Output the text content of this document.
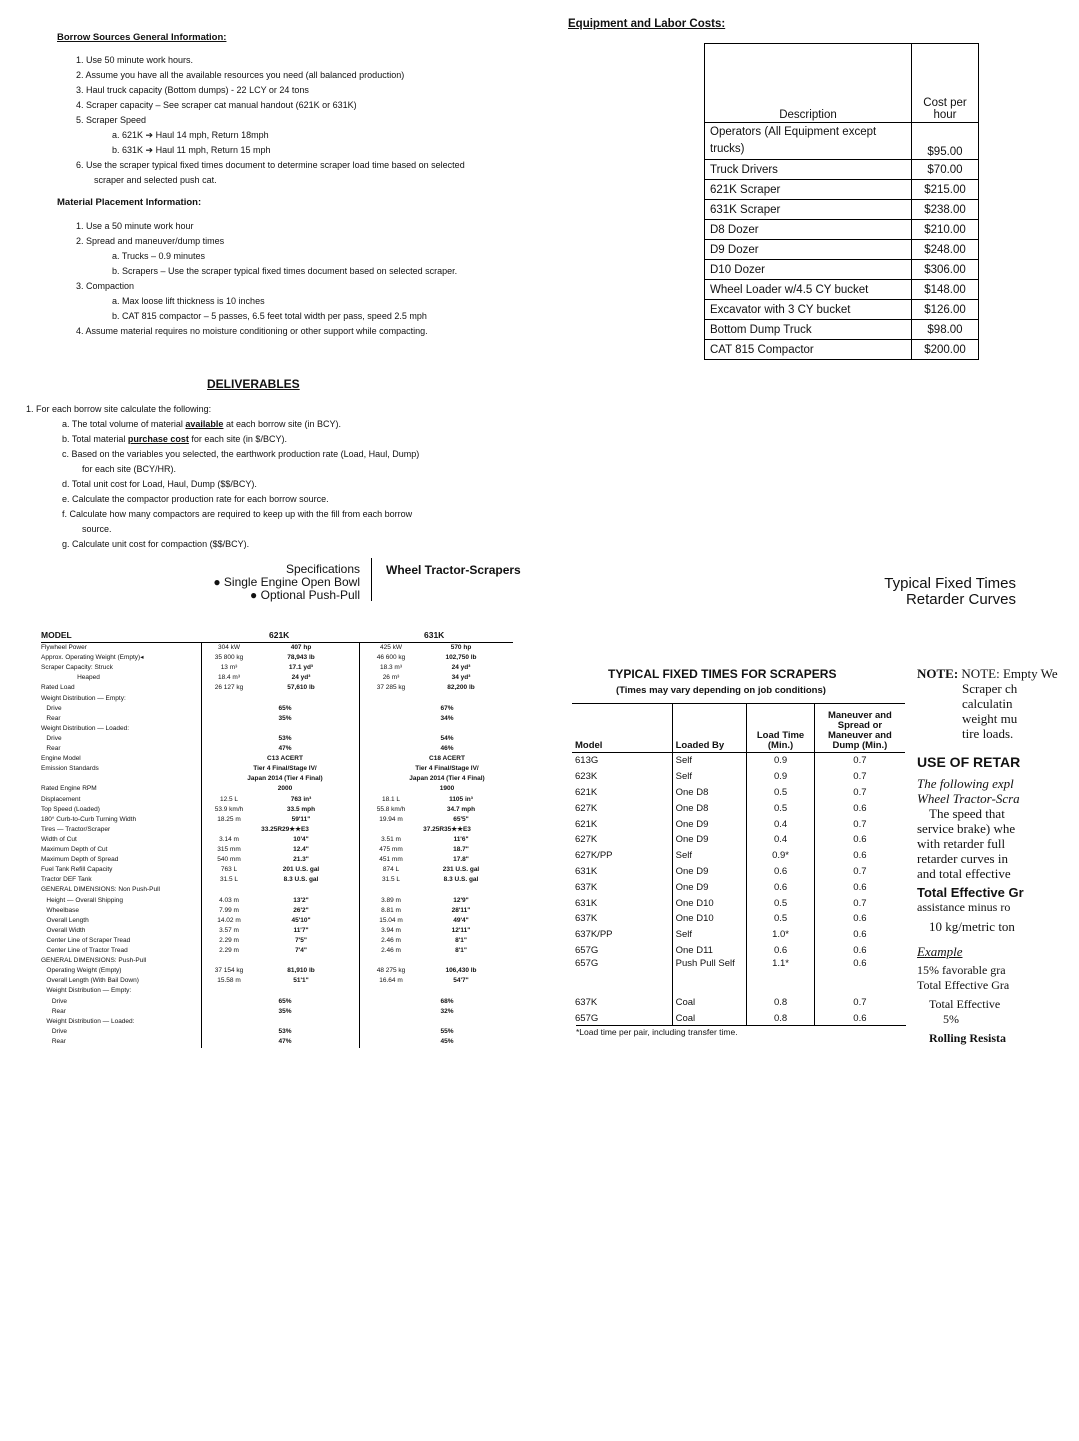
Borrow Sources General Information:
1. Use 50 minute work hours.
2. Assume you have all the available resources you need (all balanced production)
3. Haul truck capacity (Bottom dumps) - 22 LCY or 24 tons
4. Scraper capacity – See scraper cat manual handout (621K or 631K)
5. Scraper Speed
a. 621K ➔ Haul 14 mph, Return 18mph
b. 631K ➔ Haul 11 mph, Return 15 mph
6. Use the scraper typical fixed times document to determine scraper load time based on selected
scraper and selected push cat.
Material Placement Information:
1. Use a 50 minute work hour
2. Spread and maneuver/dump times
a. Trucks – 0.9 minutes
b. Scrapers – Use the scraper typical fixed times document based on selected scraper.
3. Compaction
a. Max loose lift thickness is 10 inches
b. CAT 815 compactor – 5 passes, 6.5 feet total width per pass, speed 2.5 mph
4. Assume material requires no moisture conditioning or other support while compacting.
Equipment and Labor Costs:
Description	Cost per hour
Operators (All Equipment except trucks)	$95.00
Truck Drivers	$70.00
621K Scraper	$215.00
631K Scraper	$238.00
D8 Dozer	$210.00
D9 Dozer	$248.00
D10 Dozer	$306.00
Wheel Loader w/4.5 CY bucket	$148.00
Excavator with 3 CY bucket	$126.00
Bottom Dump Truck	$98.00
CAT 815 Compactor	$200.00
DELIVERABLES
1. For each borrow site calculate the following:
a. The total volume of material available at each borrow site (in BCY).
b. Total material purchase cost for each site (in $/BCY).
c. Based on the variables you selected, the earthwork production rate (Load, Haul, Dump)
for each site (BCY/HR).
d. Total unit cost for Load, Haul, Dump ($$/BCY).
e. Calculate the compactor production rate for each borrow source.
f. Calculate how many compactors are required to keep up with the fill from each borrow
source.
g. Calculate unit cost for compaction ($$/BCY).
Specifications
● Single Engine Open Bowl
● Optional Push-Pull
Wheel Tractor-Scrapers
MODEL	621K	631K
Flywheel Power	304 kW	407 hp	425 kW	570 hp
Approx. Operating Weight (Empty)◂	35 800 kg	78,943 lb	46 600 kg	102,750 lb
Scraper Capacity: Struck	13 m³	17.1 yd³	18.3 m³	24 yd³
Heaped	18.4 m³	24 yd³	26 m³	34 yd³
Rated Load	26 127 kg	57,610 lb	37 285 kg	82,200 lb
Weight Distribution — Empty:
Drive	65%	67%
Rear	35%	34%
Weight Distribution — Loaded:
Drive	53%	54%
Rear	47%	46%
Engine Model	C13 ACERT	C18 ACERT
Emission Standards	Tier 4 Final/Stage IV/	Tier 4 Final/Stage IV/
Japan 2014 (Tier 4 Final)	Japan 2014 (Tier 4 Final)
Rated Engine RPM	2000	1900
Displacement	12.5 L	763 in³	18.1 L	1105 in³
Top Speed (Loaded)	53.9 km/h	33.5 mph	55.8 km/h	34.7 mph
180° Curb-to-Curb Turning Width	18.25 m	59'11"	19.94 m	65'5"
Tires — Tractor/Scraper	33.25R29★★E3	37.25R35★★E3
Width of Cut	3.14 m	10'4"	3.51 m	11'6"
Maximum Depth of Cut	315 mm	12.4"	475 mm	18.7"
Maximum Depth of Spread	540 mm	21.3"	451 mm	17.8"
Fuel Tank Refill Capacity	763 L	201 U.S. gal	874 L	231 U.S. gal
Tractor DEF Tank	31.5 L	8.3 U.S. gal	31.5 L	8.3 U.S. gal
GENERAL DIMENSIONS: Non Push-Pull
Height — Overall Shipping	4.03 m	13'2"	3.89 m	12'9"
Wheelbase	7.99 m	26'2"	8.81 m	28'11"
Overall Length	14.02 m	45'10"	15.04 m	49'4"
Overall Width	3.57 m	11'7"	3.94 m	12'11"
Center Line of Scraper Tread	2.29 m	7'5"	2.46 m	8'1"
Center Line of Tractor Tread	2.29 m	7'4"	2.46 m	8'1"
GENERAL DIMENSIONS: Push-Pull
Operating Weight (Empty)	37 154 kg	81,910 lb	48 275 kg	106,430 lb
Overall Length (With Bail Down)	15.58 m	51'1"	16.64 m	54'7"
Weight Distribution — Empty:
Drive	65%	68%
Rear	35%	32%
Weight Distribution — Loaded:
Drive	53%	55%
Rear	47%	45%
Typical Fixed Times
Retarder Curves
TYPICAL FIXED TIMES FOR SCRAPERS
(Times may vary depending on job conditions)
Model	Loaded By	Load Time (Min.)	Maneuver and Spread or Maneuver and Dump (Min.)
613G	Self	0.9	0.7
623K	Self	0.9	0.7
621K	One D8	0.5	0.7
627K	One D8	0.5	0.6
621K	One D9	0.4	0.7
627K	One D9	0.4	0.6
627K/PP	Self	0.9*	0.6
631K	One D9	0.6	0.7
637K	One D9	0.6	0.6
631K	One D10	0.5	0.7
637K	One D10	0.5	0.6
637K/PP	Self	1.0*	0.6
657G	One D11	0.6	0.6
657G	Push Pull Self	1.1*	0.6
637K	Coal	0.8	0.7
657G	Coal	0.8	0.6
*Load time per pair, including transfer time.
NOTE: NOTE: Empty We
Scraper ch
calculatin
weight mu
tire loads.
USE OF RETAR
The following expl
Wheel Tractor-Scra
The speed that
service brake) whe
with retarder full
retarder curves in
and total effective
Total Effective Gr
assistance minus ro
10 kg/metric ton
Example
15% favorable gra
Total Effective Gra
Total Effective
5%
Rolling Resista
